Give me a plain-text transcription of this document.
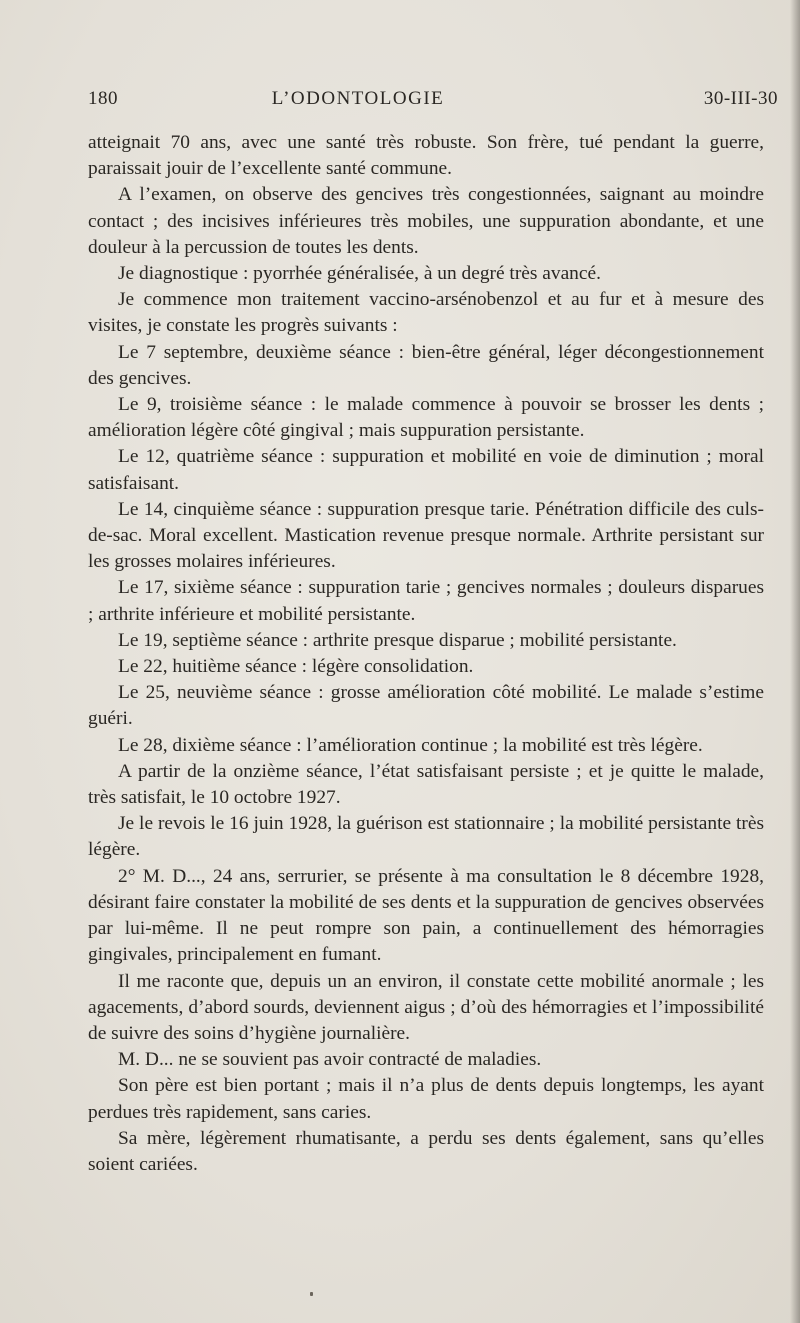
180	L’ODONTOLOGIE	30-III-30

atteignait 70 ans, avec une santé très robuste. Son frère, tué pendant la guerre, paraissait jouir de l’excellente santé commune.

A l’examen, on observe des gencives très congestionnées, saignant au moindre contact ; des incisives inférieures très mobiles, une suppuration abondante, et une douleur à la percussion de toutes les dents.

Je diagnostique : pyorrhée généralisée, à un degré très avancé.

Je commence mon traitement vaccino-arsénobenzol et au fur et à mesure des visites, je constate les progrès suivants :

Le 7 septembre, deuxième séance : bien-être général, léger décongestionnement des gencives.

Le 9, troisième séance : le malade commence à pouvoir se brosser les dents ; amélioration légère côté gingival ; mais suppuration persistante.

Le 12, quatrième séance : suppuration et mobilité en voie de diminution ; moral satisfaisant.

Le 14, cinquième séance : suppuration presque tarie. Pénétration difficile des culs-de-sac. Moral excellent. Mastication revenue presque normale. Arthrite persistant sur les grosses molaires inférieures.

Le 17, sixième séance : suppuration tarie ; gencives normales ; douleurs disparues ; arthrite inférieure et mobilité persistante.

Le 19, septième séance : arthrite presque disparue ; mobilité persistante.

Le 22, huitième séance : légère consolidation.

Le 25, neuvième séance : grosse amélioration côté mobilité. Le malade s’estime guéri.

Le 28, dixième séance : l’amélioration continue ; la mobilité est très légère.

A partir de la onzième séance, l’état satisfaisant persiste ; et je quitte le malade, très satisfait, le 10 octobre 1927.

Je le revois le 16 juin 1928, la guérison est stationnaire ; la mobilité persistante très légère.

2° M. D..., 24 ans, serrurier, se présente à ma consultation le 8 décembre 1928, désirant faire constater la mobilité de ses dents et la suppuration de gencives observées par lui-même. Il ne peut rompre son pain, a continuellement des hémorragies gingivales, principalement en fumant.

Il me raconte que, depuis un an environ, il constate cette mobilité anormale ; les agacements, d’abord sourds, deviennent aigus ; d’où des hémorragies et l’impossibilité de suivre des soins d’hygiène journalière.

M. D... ne se souvient pas avoir contracté de maladies.

Son père est bien portant ; mais il n’a plus de dents depuis longtemps, les ayant perdues très rapidement, sans caries.

Sa mère, légèrement rhumatisante, a perdu ses dents également, sans qu’elles soient cariées.
